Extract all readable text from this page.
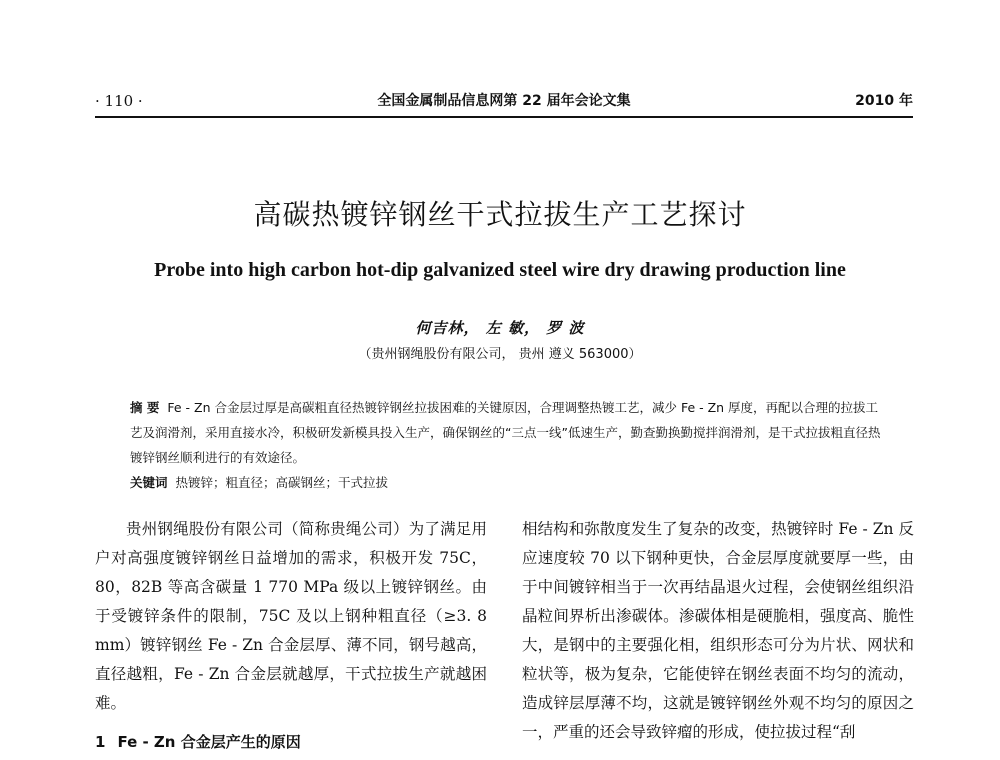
· 110 ·	全国金属制品信息网第 22 届年会论文集	2010 年
高碳热镀锌钢丝干式拉拔生产工艺探讨
Probe into high carbon hot-dip galvanized steel wire dry drawing production line
何吉林， 左 敏， 罗 波
（贵州钢绳股份有限公司， 贵州 遵义 563000）
摘 要 Fe - Zn 合金层过厚是高碳粗直径热镀锌钢丝拉拔困难的关键原因，合理调整热镀工艺，减少 Fe - Zn 厚度，再配以合理的拉拔工艺及润滑剂，采用直接水冷，积极研发新模具投入生产，确保钢丝的“三点一线”低速生产，勤查勤换勤搅拌润滑剂，是干式拉拔粗直径热镀锌钢丝顺利进行的有效途径。
关键词 热镀锌；粗直径；高碳钢丝；干式拉拔

贵州钢绳股份有限公司（简称贵绳公司）为了满足用户对高强度镀锌钢丝日益增加的需求，积极开发 75C，80，82B 等高含碳量 1 770 MPa 级以上镀锌钢丝。由于受镀锌条件的限制，75C 及以上钢种粗直径（≥3. 8 mm）镀锌钢丝 Fe - Zn 合金层厚、薄不同，钢号越高，直径越粗，Fe - Zn 合金层就越厚，干式拉拔生产就越困难。

相结构和弥散度发生了复杂的改变，热镀锌时 Fe - Zn 反应速度较 70 以下钢种更快，合金层厚度就要厚一些，由于中间镀锌相当于一次再结晶退火过程，会使钢丝组织沿晶粒间界析出渗碳体。渗碳体相是硬脆相，强度高、脆性大，是钢中的主要强化相，组织形态可分为片状、网状和粒状等，极为复杂，它能使锌在钢丝表面不均匀的流动，造成锌层厚薄不均，这就是镀锌钢丝外观不均匀的原因之一，严重的还会导致锌瘤的形成，使拉拔过程“刮

1 Fe - Zn 合金层产生的原因
